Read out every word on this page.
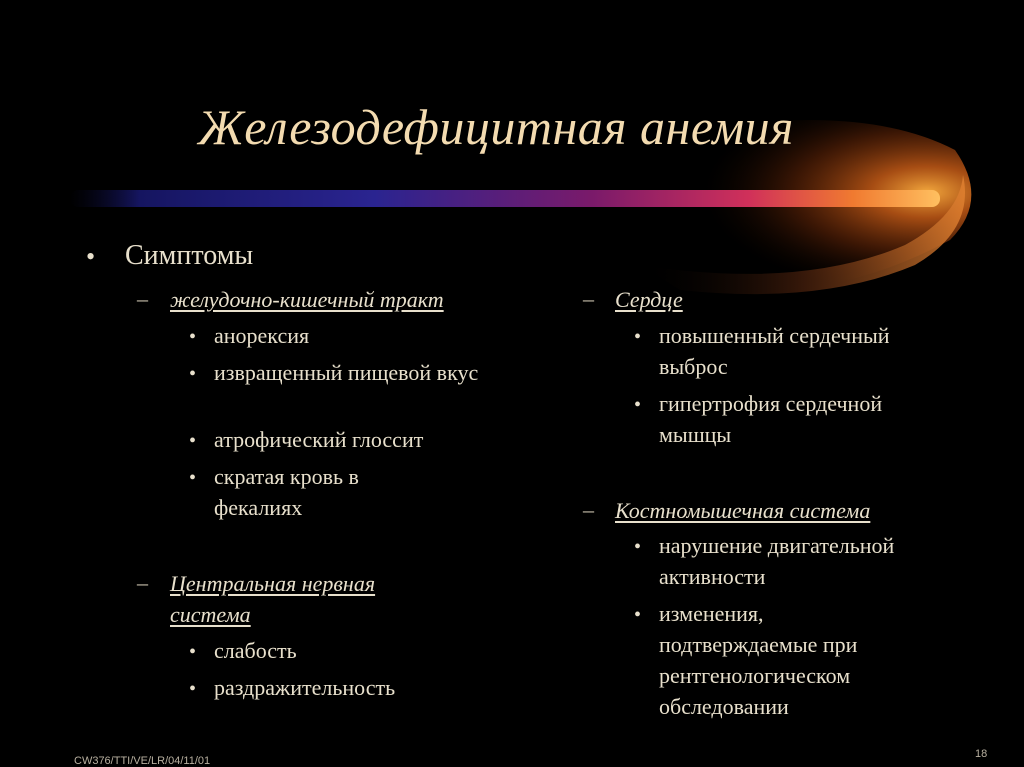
Железодефицитная анемия
• Симптомы
– желудочно-кишечный тракт
• анорексия
• извращенный пищевой вкус
• атрофический глоссит
• скратая кровь в фекалиях
– Центральная нервная система
• слабость
• раздражительность
– Сердце
• повышенный сердечный выброс
• гипертрофия сердечной мышцы
– Костномышечная система
• нарушение двигательной активности
• изменения, подтверждаемые при рентгенологическом обследовании
CW376/TTI/VE/LR/04/11/01
18
